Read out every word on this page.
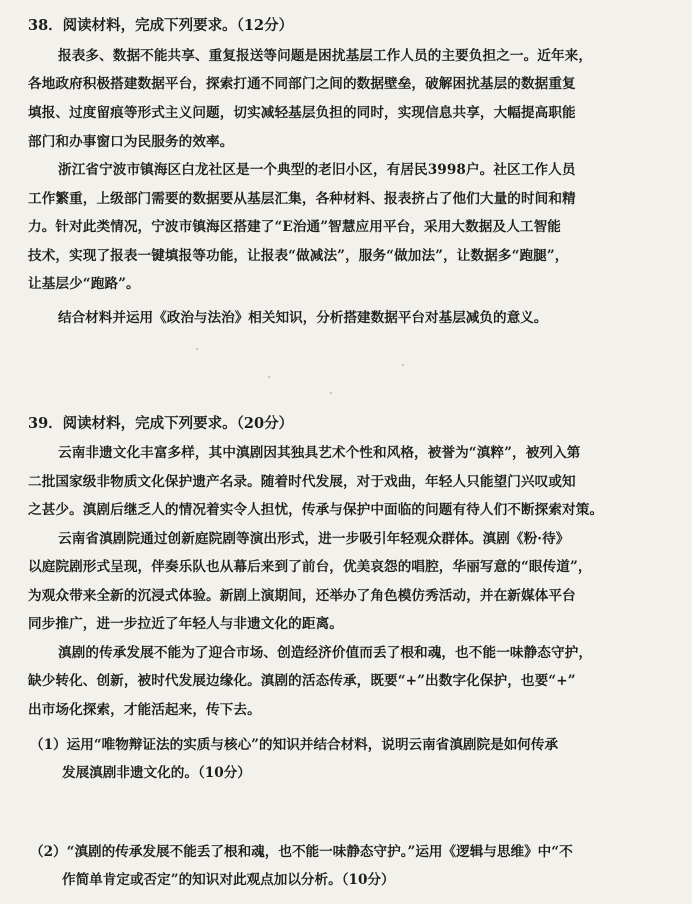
38．阅读材料，完成下列要求。（12分）
报表多、数据不能共享、重复报送等问题是困扰基层工作人员的主要负担之一。近年来，
各地政府积极搭建数据平台，探索打通不同部门之间的数据壁垒，破解困扰基层的数据重复
填报、过度留痕等形式主义问题，切实减轻基层负担的同时，实现信息共享，大幅提高职能
部门和办事窗口为民服务的效率。
浙江省宁波市镇海区白龙社区是一个典型的老旧小区，有居民3998户。社区工作人员
工作繁重，上级部门需要的数据要从基层汇集，各种材料、报表挤占了他们大量的时间和精
力。针对此类情况，宁波市镇海区搭建了“E治通”智慧应用平台，采用大数据及人工智能
技术，实现了报表一键填报等功能，让报表“做减法”，服务“做加法”，让数据多“跑腿”，
让基层少“跑路”。
结合材料并运用《政治与法治》相关知识，分析搭建数据平台对基层减负的意义。
39．阅读材料，完成下列要求。（20分）
云南非遗文化丰富多样，其中滇剧因其独具艺术个性和风格，被誉为“滇粹”，被列入第
二批国家级非物质文化保护遗产名录。随着时代发展，对于戏曲，年轻人只能望门兴叹或知
之甚少。滇剧后继乏人的情况着实令人担忧，传承与保护中面临的问题有待人们不断探索对策。
云南省滇剧院通过创新庭院剧等演出形式，进一步吸引年轻观众群体。滇剧《粉·待》
以庭院剧形式呈现，伴奏乐队也从幕后来到了前台，优美哀怨的唱腔，华丽写意的“眼传道”，
为观众带来全新的沉浸式体验。新剧上演期间，还举办了角色模仿秀活动，并在新媒体平台
同步推广，进一步拉近了年轻人与非遗文化的距离。
滇剧的传承发展不能为了迎合市场、创造经济价值而丢了根和魂，也不能一味静态守护，
缺少转化、创新，被时代发展边缘化。滇剧的活态传承，既要“+”出数字化保护，也要“+”
出市场化探索，才能活起来，传下去。
（1）运用“唯物辩证法的实质与核心”的知识并结合材料，说明云南省滇剧院是如何传承
发展滇剧非遗文化的。（10分）
（2）“滇剧的传承发展不能丢了根和魂，也不能一味静态守护。”运用《逻辑与思维》中“不
作简单肯定或否定”的知识对此观点加以分析。（10分）
